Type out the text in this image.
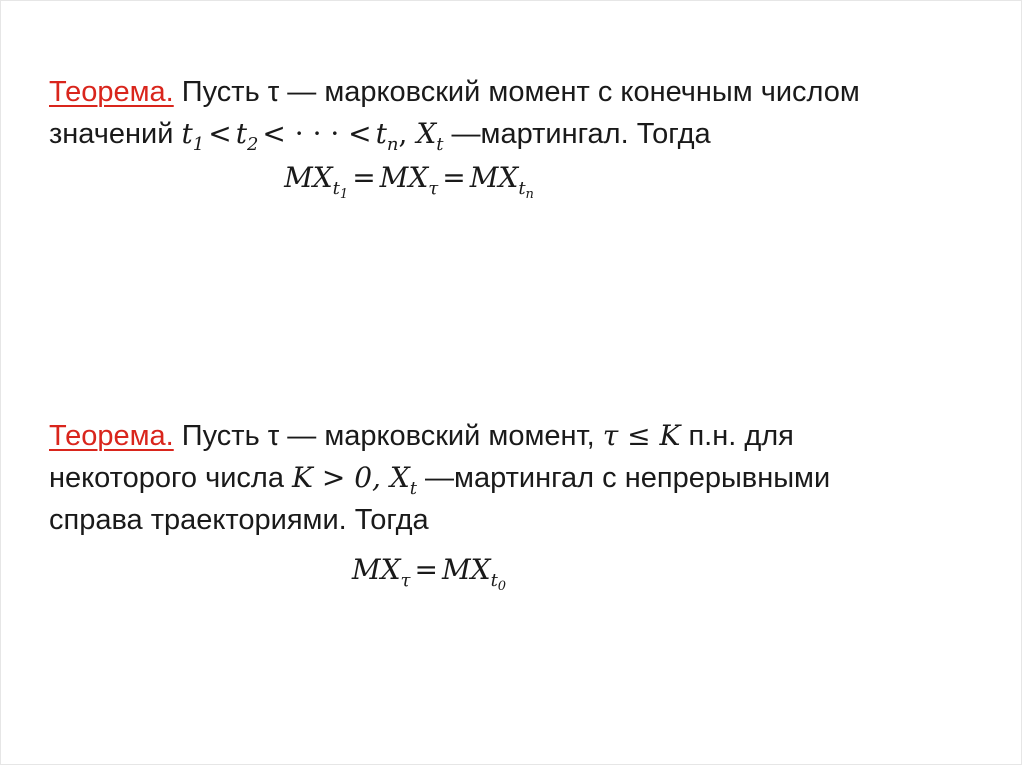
Теорема. Пусть τ — марковский момент с конечным числом
значений $t_1 < t_2$ < · · · < $t_n$, $X_t$ —мартингал. Тогда
$MX_{t_1}= MX_\tau = MX_{t_n}$
Теорема. Пусть τ — марковский момент, τ ≤ K п.н. для
некоторого числа K > 0, $X_t$ —мартингал с непрерывными
справа траекториями. Тогда
$MX_\tau = MX_{t_0}$
